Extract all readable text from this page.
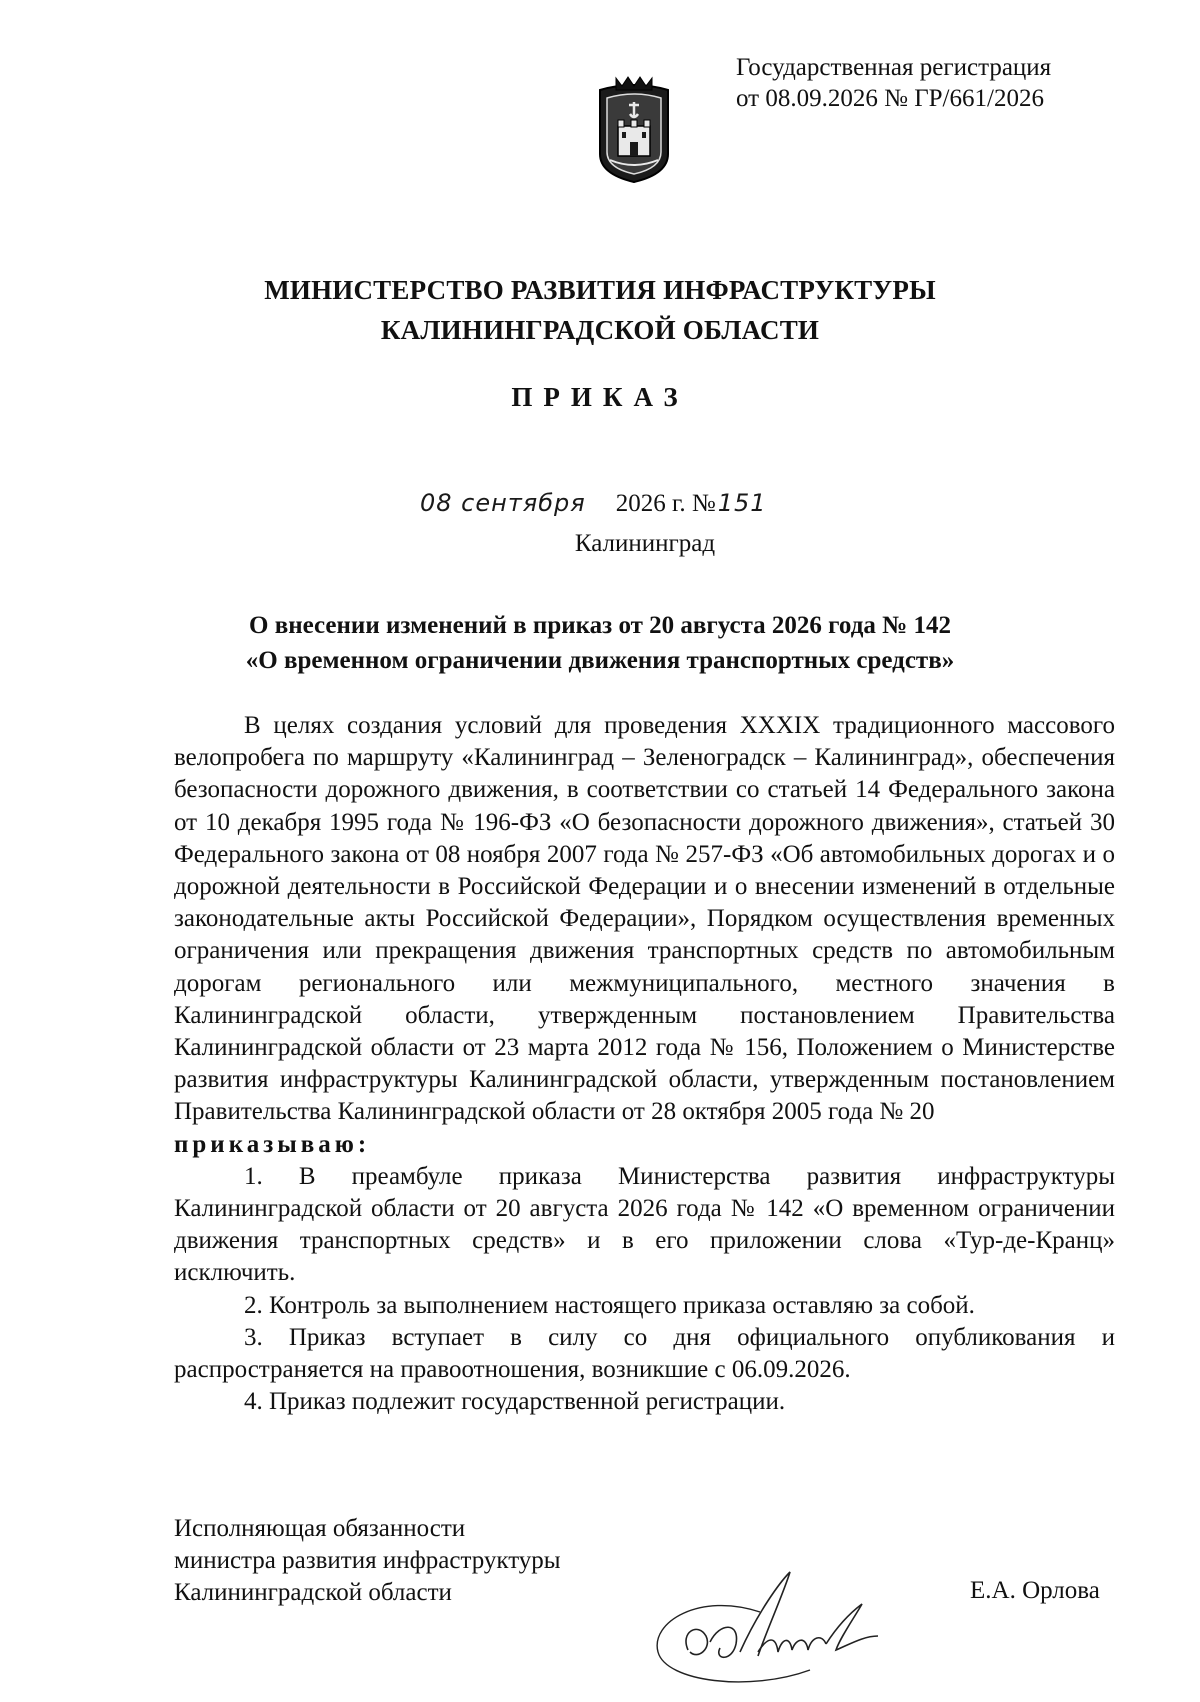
Государственная регистрация
от 08.09.2026 № ГР/661/2026
МИНИСТЕРСТВО РАЗВИТИЯ ИНФРАСТРУКТУРЫ
КАЛИНИНГРАДСКОЙ ОБЛАСТИ
ПРИКАЗ
08 сентября 2026 г. №151
Калининград
О внесении изменений в приказ от 20 августа 2026 года № 142
«О временном ограничении движения транспортных средств»

В целях создания условий для проведения XXXIX традиционного массового велопробега по маршруту «Калининград – Зеленоградск – Калининград», обеспечения безопасности дорожного движения, в соответствии со статьей 14 Федерального закона от 10 декабря 1995 года № 196-ФЗ «О безопасности дорожного движения», статьей 30 Федерального закона от 08 ноября 2007 года № 257-ФЗ «Об автомобильных дорогах и о дорожной деятельности в Российской Федерации и о внесении изменений в отдельные законодательные акты Российской Федерации», Порядком осуществления временных ограничения или прекращения движения транспортных средств по автомобильным дорогам регионального или межмуниципального, местного значения в Калининградской области, утвержденным постановлением Правительства Калининградской области от 23 марта 2012 года № 156, Положением о Министерстве развития инфраструктуры Калининградской области, утвержденным постановлением Правительства Калининградской области от 28 октября 2005 года № 20

приказываю:

1. В преамбуле приказа Министерства развития инфраструктуры Калининградской области от 20 августа 2026 года № 142 «О временном ограничении движения транспортных средств» и в его приложении слова «Тур-де-Кранц» исключить.

2. Контроль за выполнением настоящего приказа оставляю за собой.

3. Приказ вступает в силу со дня официального опубликования и распространяется на правоотношения, возникшие с 06.09.2026.

4. Приказ подлежит государственной регистрации.

Исполняющая обязанности
министра развития инфраструктуры
Калининградской области	Е.А. Орлова
